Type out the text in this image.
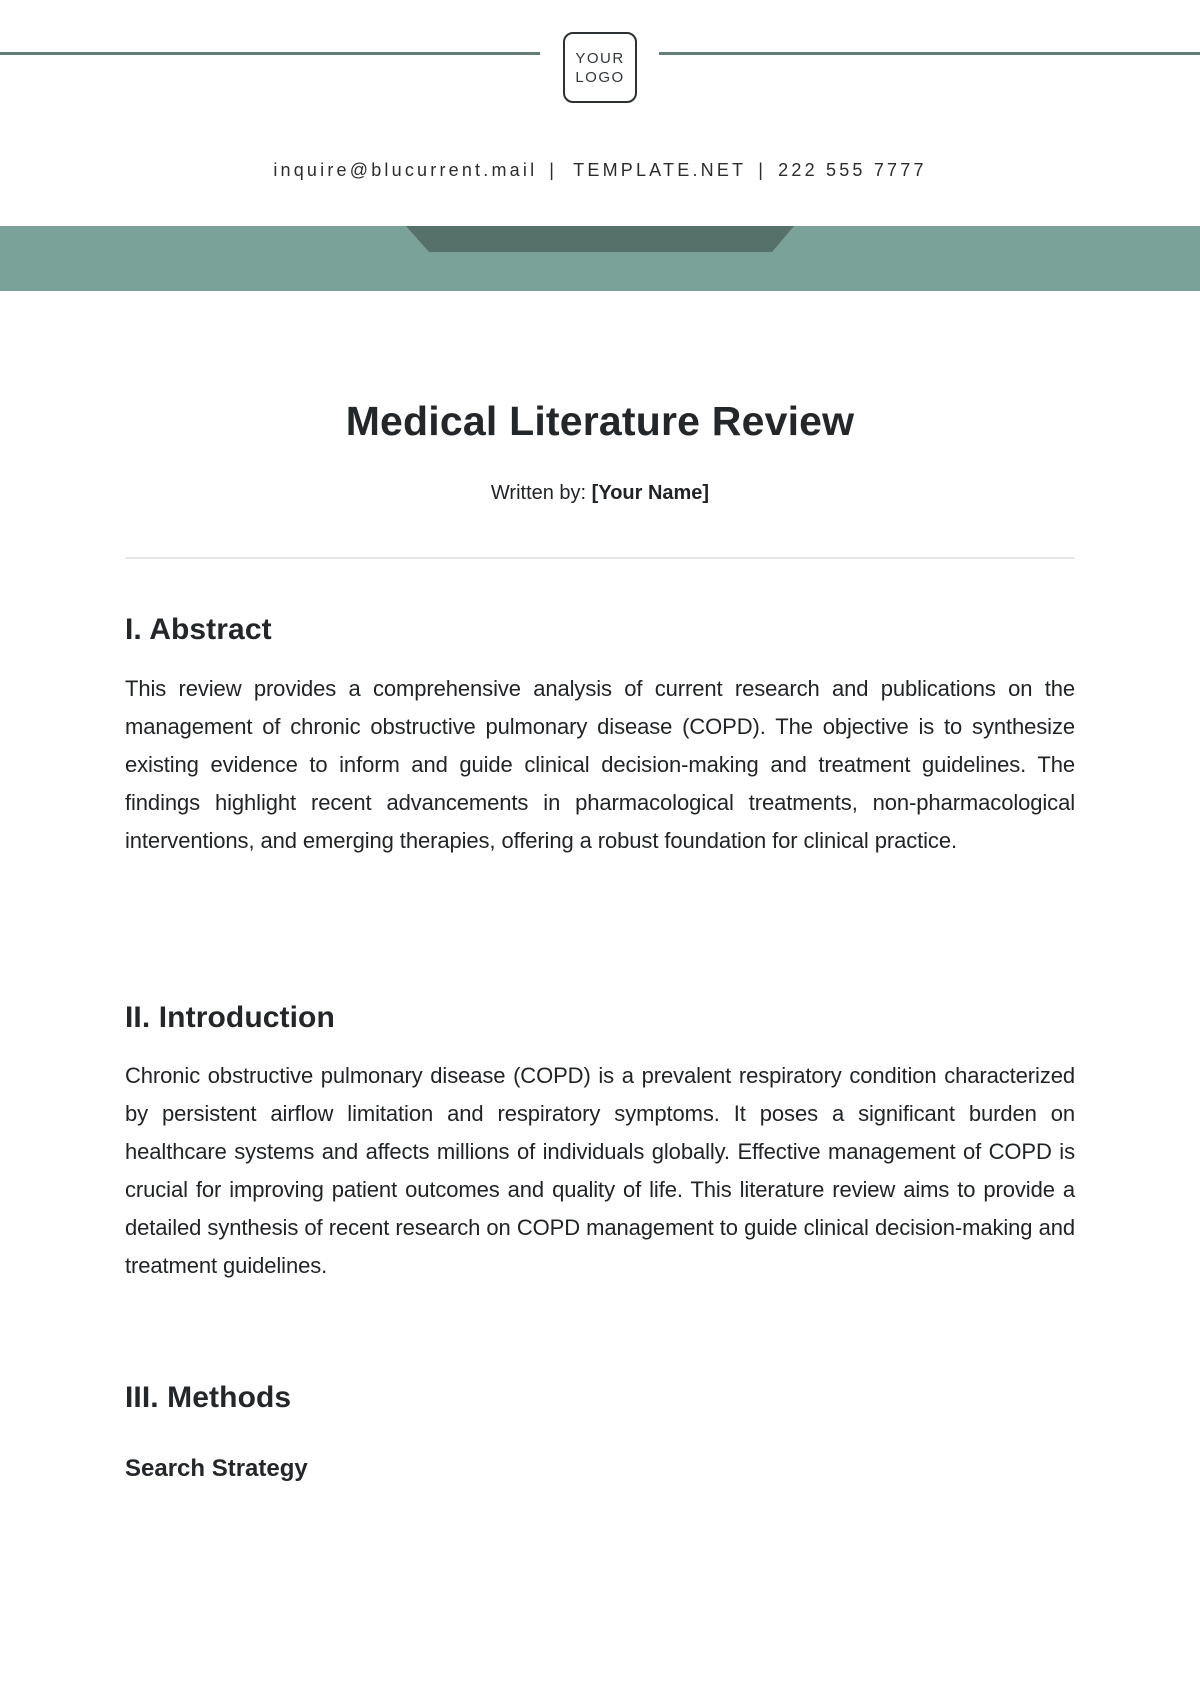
YOUR
LOGO
inquire@blucurrent.mail | TEMPLATE.NET | 222 555 7777
Medical Literature Review
Written by: [Your Name]
I. Abstract
This review provides a comprehensive analysis of current research and publications on the management of chronic obstructive pulmonary disease (COPD). The objective is to synthesize existing evidence to inform and guide clinical decision-making and treatment guidelines. The findings highlight recent advancements in pharmacological treatments, non-pharmacological interventions, and emerging therapies, offering a robust foundation for clinical practice.
II. Introduction
Chronic obstructive pulmonary disease (COPD) is a prevalent respiratory condition characterized by persistent airflow limitation and respiratory symptoms. It poses a significant burden on healthcare systems and affects millions of individuals globally. Effective management of COPD is crucial for improving patient outcomes and quality of life. This literature review aims to provide a detailed synthesis of recent research on COPD management to guide clinical decision-making and treatment guidelines.
III. Methods
Search Strategy
